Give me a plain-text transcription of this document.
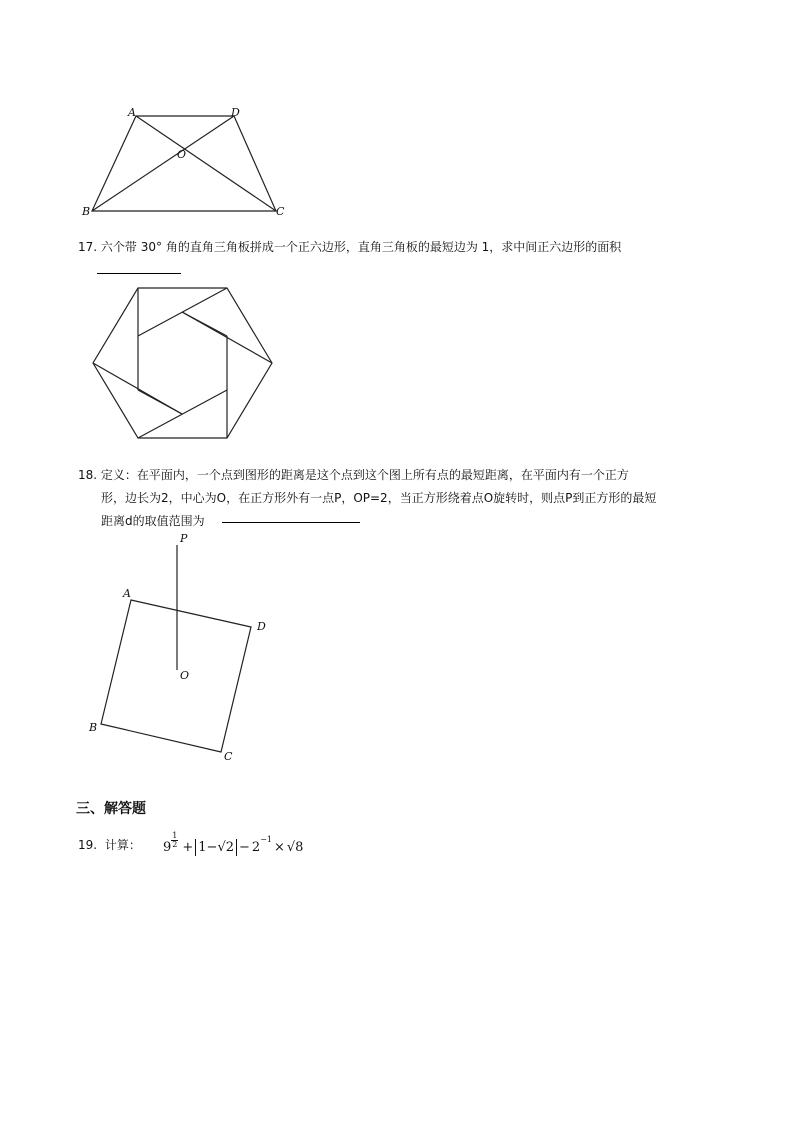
A	D
O
B	C
17. 六个带 30° 角的直角三角板拼成一个正六边形，直角三角板的最短边为 1，求中间正六边形的面积
18. 定义：在平面内，一个点到图形的距离是这个点到这个图上所有点的最短距离，在平面内有一个正方
形，边长为2，中心为O，在正方形外有一点P，OP=2，当正方形绕着点O旋转时，则点P到正方形的最短
距离d的取值范围为
P
A
D
O
B
C
三、解答题
19. 计算： $9 \frac{1}{2} + 1-√2 - 2^{-1}\times √8$
